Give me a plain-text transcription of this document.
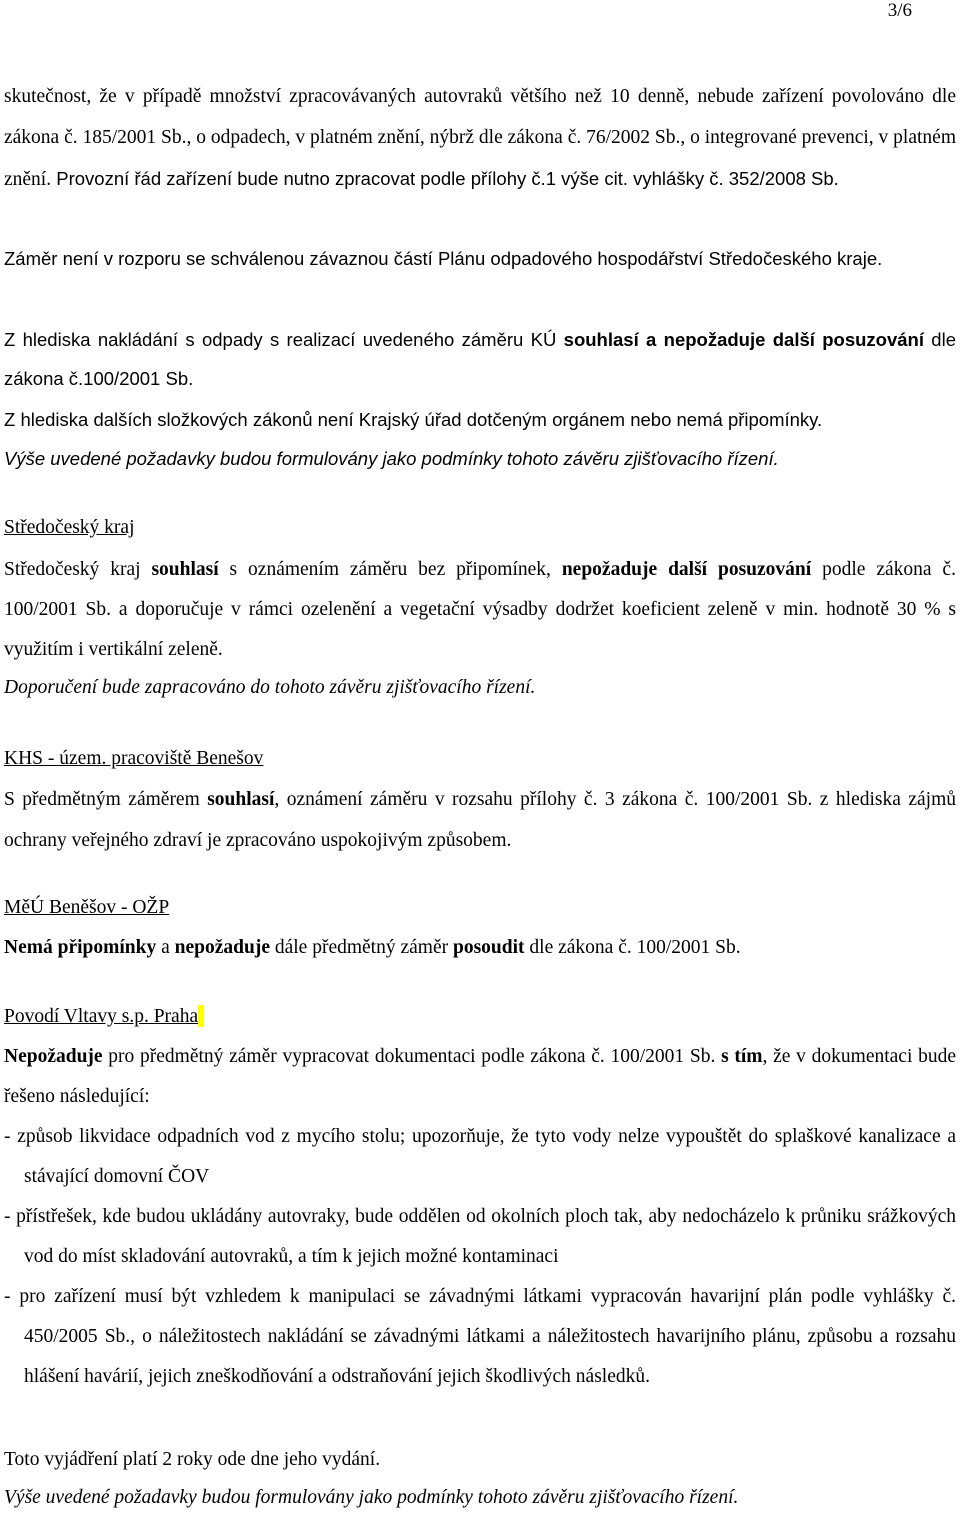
3/6

skutečnost, že v případě množství zpracovávaných autovraků většího než 10 denně, nebude zařízení povolováno dle zákona č. 185/2001 Sb., o odpadech, v platném znění, nýbrž dle zákona č. 76/2002 Sb., o integrované prevenci, v platném znění. Provozní řád zařízení bude nutno zpracovat podle přílohy č.1 výše cit. vyhlášky č. 352/2008 Sb.

Záměr není v rozporu se schválenou závaznou částí Plánu odpadového hospodářství Středočeského kraje.

Z hlediska nakládání s odpady s realizací uvedeného záměru KÚ souhlasí a nepožaduje další posuzování dle zákona č.100/2001 Sb.

Z hlediska dalších složkových zákonů není Krajský úřad dotčeným orgánem nebo nemá připomínky.

Výše uvedené požadavky budou formulovány jako podmínky tohoto závěru zjišťovacího řízení.

Středočeský kraj

Středočeský kraj souhlasí s oznámením záměru bez připomínek, nepožaduje další posuzování podle zákona č. 100/2001 Sb. a doporučuje v rámci ozelenění a vegetační výsadby dodržet koeficient zeleně v min. hodnotě 30 % s využitím i vertikální zeleně.

Doporučení bude zapracováno do tohoto závěru zjišťovacího řízení.

KHS - územ. pracoviště Benešov

S předmětným záměrem souhlasí, oznámení záměru v rozsahu přílohy č. 3 zákona č. 100/2001 Sb. z hlediska zájmů ochrany veřejného zdraví je zpracováno uspokojivým způsobem.

MěÚ Beněšov - OŽP

Nemá připomínky a nepožaduje dále předmětný záměr posoudit dle zákona č. 100/2001 Sb.

Povodí Vltavy s.p. Praha

Nepožaduje pro předmětný záměr vypracovat dokumentaci podle zákona č. 100/2001 Sb. s tím, že v dokumentaci bude řešeno následující:

- způsob likvidace odpadních vod z mycího stolu; upozorňuje, že tyto vody nelze vypouštět do splaškové kanalizace a stávající domovní ČOV

- přístřešek, kde budou ukládány autovraky, bude oddělen od okolních ploch tak, aby nedocházelo k průniku srážkových vod do míst skladování autovraků, a tím k jejich možné kontaminaci

- pro zařízení musí být vzhledem k manipulaci se závadnými látkami vypracován havarijní plán podle vyhlášky č. 450/2005 Sb., o náležitostech nakládání se závadnými látkami a náležitostech havarijního plánu, způsobu a rozsahu hlášení havárií, jejich zneškodňování a odstraňování jejich škodlivých následků.

Toto vyjádření platí 2 roky ode dne jeho vydání.

Výše uvedené požadavky budou formulovány jako podmínky tohoto závěru zjišťovacího řízení.
